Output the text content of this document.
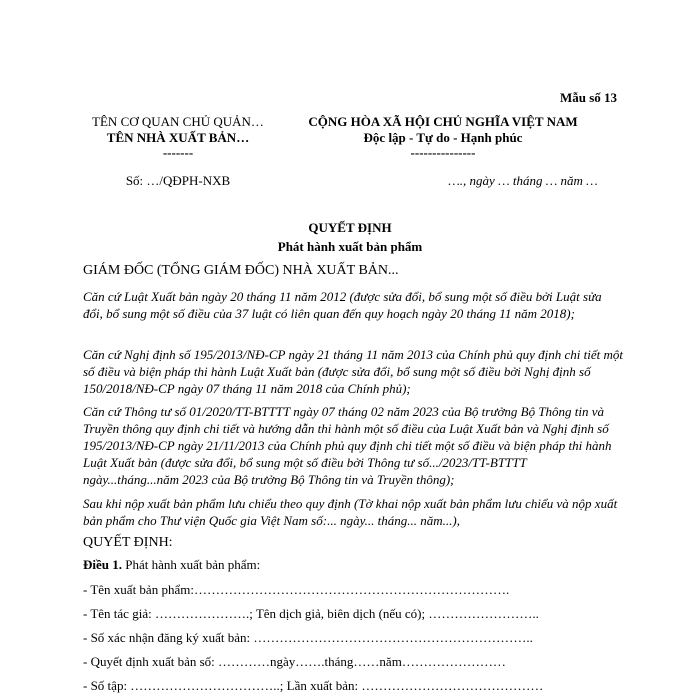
Mẫu số 13
TÊN CƠ QUAN CHỦ QUẢN…
TÊN NHÀ XUẤT BẢN…
-------
CỘNG HÒA XÃ HỘI CHỦ NGHĨA VIỆT NAM
Độc lập - Tự do - Hạnh phúc
---------------
Số: …/QĐPH-NXB	…., ngày … tháng … năm …
QUYẾT ĐỊNH
Phát hành xuất bản phẩm
GIÁM ĐỐC (TỔNG GIÁM ĐỐC) NHÀ XUẤT BẢN...
Căn cứ Luật Xuất bản ngày 20 tháng 11 năm 2012 (được sửa đổi, bổ sung một số điều bởi Luật sửa đổi, bổ sung một số điều của 37 luật có liên quan đến quy hoạch ngày 20 tháng 11 năm 2018);
Căn cứ Nghị định số 195/2013/NĐ-CP ngày 21 tháng 11 năm 2013 của Chính phủ quy định chi tiết một số điều và biện pháp thi hành Luật Xuất bản (được sửa đổi, bổ sung một số điều bởi Nghị định số 150/2018/NĐ-CP ngày 07 tháng 11 năm 2018 của Chính phủ);
Căn cứ Thông tư số 01/2020/TT-BTTTT ngày 07 tháng 02 năm 2023 của Bộ trưởng Bộ Thông tin và Truyền thông quy định chi tiết và hướng dẫn thi hành một số điều của Luật Xuất bản và Nghị định số 195/2013/NĐ-CP ngày 21/11/2013 của Chính phủ quy định chi tiết một số điều và biện pháp thi hành Luật Xuất bản (được sửa đổi, bổ sung một số điều bởi Thông tư số.../2023/TT-BTTTT ngày...tháng...năm 2023 của Bộ trưởng Bộ Thông tin và Truyền thông);
Sau khi nộp xuất bản phẩm lưu chiểu theo quy định (Tờ khai nộp xuất bản phẩm lưu chiểu và nộp xuất bản phẩm cho Thư viện Quốc gia Việt Nam số:... ngày... tháng... năm...),
QUYẾT ĐỊNH:
Điều 1. Phát hành xuất bản phẩm:
- Tên xuất bản phẩm:……………………………………………………………….
- Tên tác giả: ………………….; Tên dịch giả, biên dịch (nếu có); ……………………..
- Số xác nhận đăng ký xuất bản: ………………………………………………………..
- Quyết định xuất bản số: …………ngày…….tháng……năm……………………
- Số tập: ……………………………..; Lần xuất bản: ……………………………………
